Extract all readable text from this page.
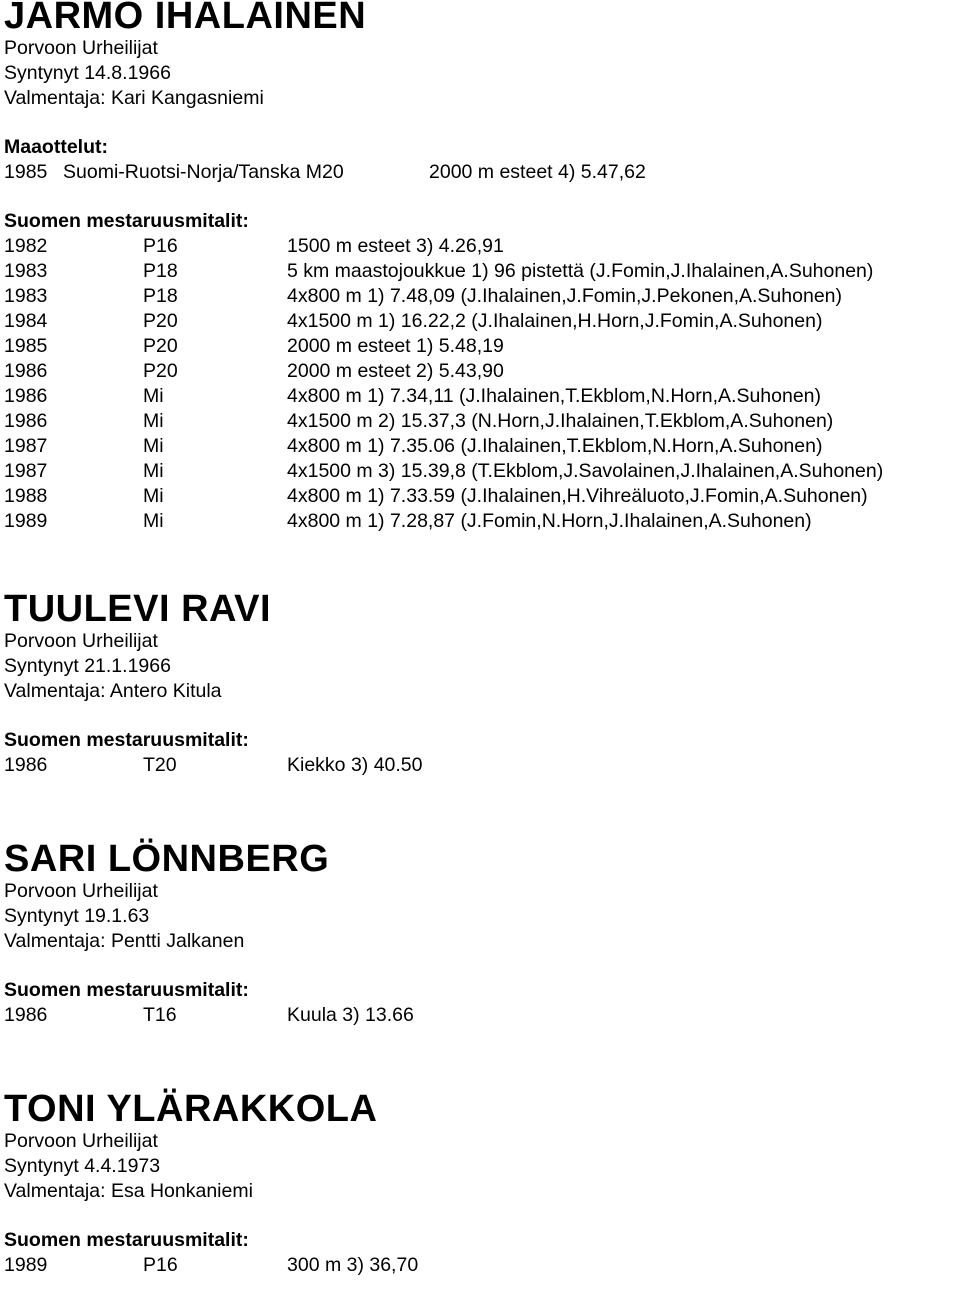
JARMO IHALAINEN
Porvoon Urheilijat
Syntynyt 14.8.1966
Valmentaja: Kari Kangasniemi
Maaottelut:
1985 Suomi-Ruotsi-Norja/Tanska M20	2000 m esteet 4) 5.47,62
Suomen mestaruusmitalit:
1982	P16	1500 m esteet 3) 4.26,91
1983	P18	5 km maastojoukkue 1) 96 pistettä (J.Fomin,J.Ihalainen,A.Suhonen)
1983	P18	4x800 m 1) 7.48,09 (J.Ihalainen,J.Fomin,J.Pekonen,A.Suhonen)
1984	P20	4x1500 m 1) 16.22,2 (J.Ihalainen,H.Horn,J.Fomin,A.Suhonen)
1985	P20	2000 m esteet 1) 5.48,19
1986	P20	2000 m esteet 2) 5.43,90
1986	Mi	4x800 m 1) 7.34,11 (J.Ihalainen,T.Ekblom,N.Horn,A.Suhonen)
1986	Mi	4x1500 m 2) 15.37,3 (N.Horn,J.Ihalainen,T.Ekblom,A.Suhonen)
1987	Mi	4x800 m 1) 7.35.06 (J.Ihalainen,T.Ekblom,N.Horn,A.Suhonen)
1987	Mi	4x1500 m 3) 15.39,8 (T.Ekblom,J.Savolainen,J.Ihalainen,A.Suhonen)
1988	Mi	4x800 m 1) 7.33.59 (J.Ihalainen,H.Vihreäluoto,J.Fomin,A.Suhonen)
1989	Mi	4x800 m 1) 7.28,87 (J.Fomin,N.Horn,J.Ihalainen,A.Suhonen)
TUULEVI RAVI
Porvoon Urheilijat
Syntynyt 21.1.1966
Valmentaja: Antero Kitula
Suomen mestaruusmitalit:
1986	T20	Kiekko 3) 40.50
SARI LÖNNBERG
Porvoon Urheilijat
Syntynyt 19.1.63
Valmentaja: Pentti Jalkanen
Suomen mestaruusmitalit:
1986	T16	Kuula 3) 13.66
TONI YLÄRAKKOLA
Porvoon Urheilijat
Syntynyt 4.4.1973
Valmentaja: Esa Honkaniemi
Suomen mestaruusmitalit:
1989	P16	300 m 3) 36,70
